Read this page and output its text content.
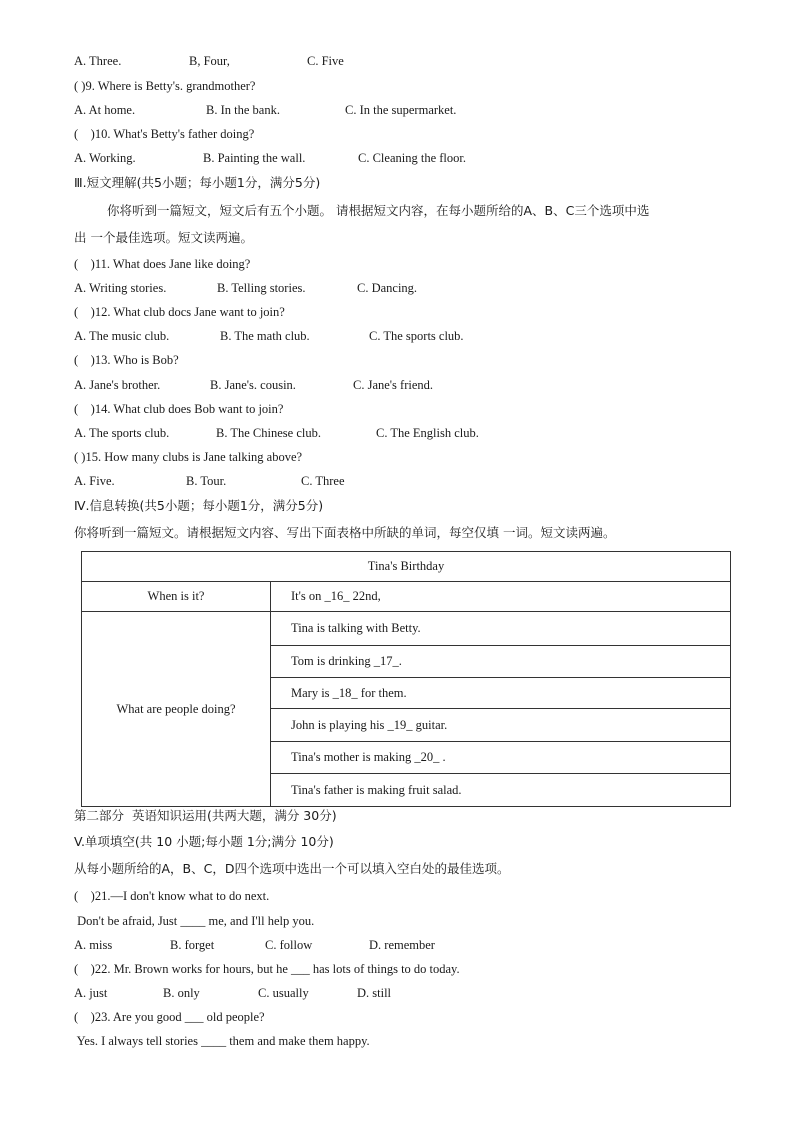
A. Three.	B, Four,	C. Five
( )9. Where is Betty's. grandmother?
A. At home.	B. In the bank.	C. In the supermarket.
(    )10. What's Betty's father doing?
A. Working.	B. Painting the wall.	C. Cleaning the floor.
Ⅲ.短文理解(共5小题；每小题1分，满分5分)
你将听到一篇短文，短文后有五个小题。 请根据短文内容，在每小题所给的A、B、C三个选项中选
出 一个最佳选项。短文读两遍。
(    )11. What does Jane like doing?
A. Writing stories.	B. Telling stories.	C. Dancing.
(    )12. What club docs Jane want to join?
A. The music club.	B. The math club.	C. The sports club.
(    )13. Who is Bob?
A. Jane's brother.	B. Jane's. cousin.	C. Jane's friend.
(    )14. What club does Bob want to join?
A. The sports club.	B. The Chinese club.	C. The English club.
( )15. How many clubs is Jane talking above?
A. Five.	B. Tour.	C. Three
Ⅳ.信息转换(共5小题；每小题1分，满分5分)
你将听到一篇短文。请根据短文内容、写出下面表格中所缺的单词，每空仅填 一词。短文读两遍。
Tina's Birthday	
When is it?	It's on _16_ 22nd,
What are people doing?	Tina is talking with Betty.
	Tom is drinking _17_.
	Mary is _18_ for them.
	John is playing his _19_ guitar.
	Tina's mother is making _20_ .
	Tina's father is making fruit salad.
第二部分  英语知识运用(共两大题，满分 30分)
V.单项填空(共 10 小题;每小题 1分;满分 10分)
从每小题所给的A，B、C，D四个选项中选出一个可以填入空白处的最佳选项。
(    )21.—I don't know what to do next.
Don't be afraid, Just ____ me, and I'll help you.
A. miss	B. forget	C. follow	D. remember
(    )22. Mr. Brown works for hours, but he ___ has lots of things to do today.
A. just	B. only	C. usually	D. still
(    )23. Are you good ___ old people?
Yes. I always tell stories ____ them and make them happy.
